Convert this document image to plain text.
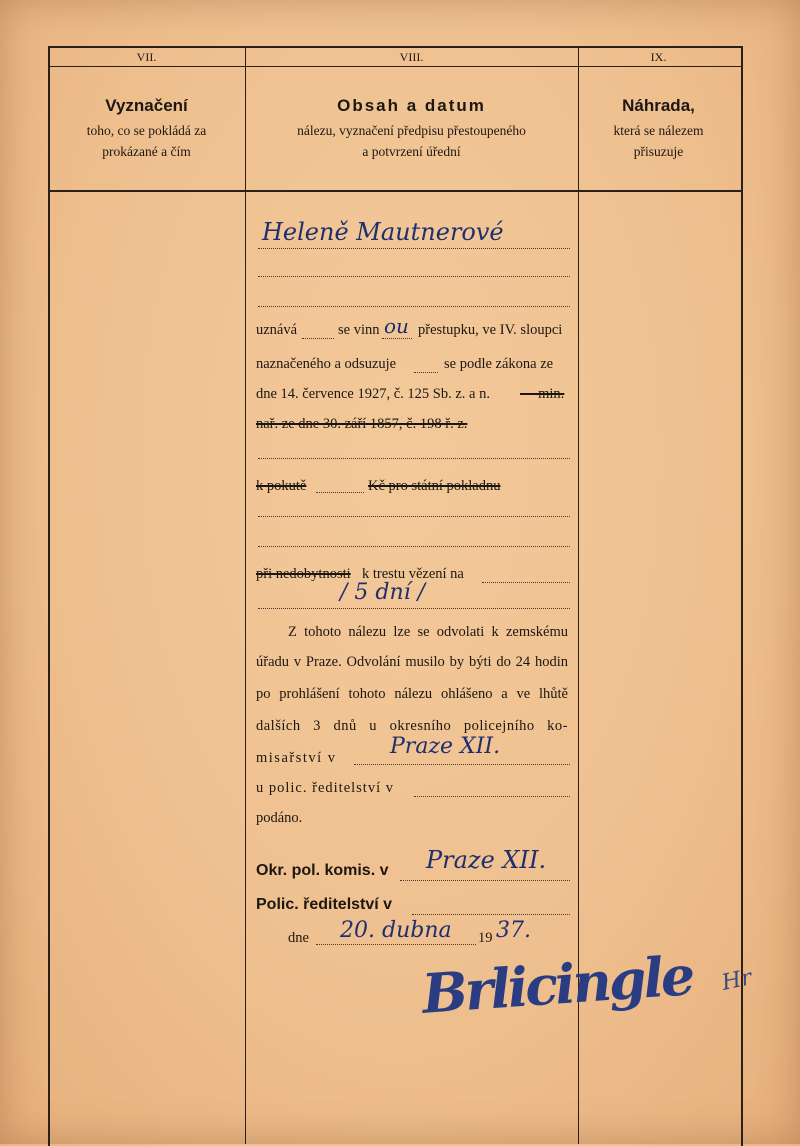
VII.	VIII.	IX.
Vyznačení
toho, co se pokládá za
prokázané a čím
Obsah a datum
nálezu, vyznačení předpisu přestoupeného
a potvrzení úřední
Náhrada,
která se nálezem
přisuzuje
Heleně Mautnerové
uznává	se vinn ou přestupku, ve IV. sloupci
naznačeného a odsuzuje	se podle zákona ze
dne 14. července 1927, č. 125 Sb. z. a n. — min.
nař. ze dne 30. září 1857, č. 198 ř. z.
k pokutě	Kč pro státní pokladnu
při nedobytnosti k trestu vězení na
/ 5 dní /
Z tohoto nálezu lze se odvolati k zemskému
úřadu v Praze. Odvolání musilo by býti do 24 hodin
po prohlášení tohoto nálezu ohlášeno a ve lhůtě
dalších 3 dnů u okresního policejního ko-
misařství v Praze XII.
u polic. ředitelství v
podáno.
Okr. pol. komis. v Praze XII.
Polic. ředitelství v
dne 20. dubna 19 37.
Brlicingle Hr
